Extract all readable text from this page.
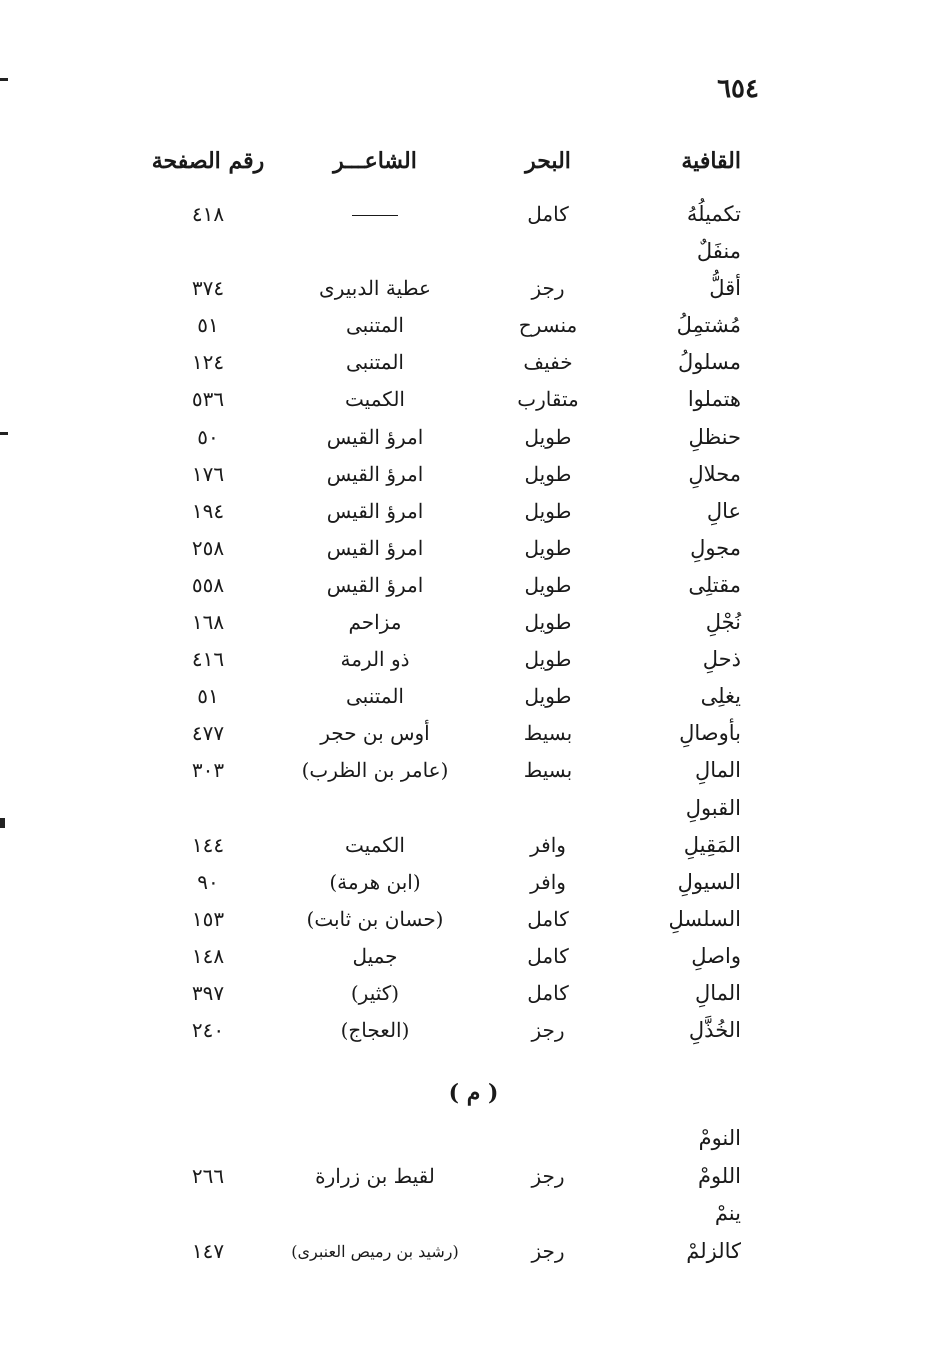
٦٥٤
القافية
البحر
الشاعـــر
رقم الصفحة
تكميلُهُ
كامل
٤١٨
منفَلٌ
أقلُّ
رجز
عطية الدبيرى
٣٧٤
مُشتمِلُ
منسرح
المتنبى
٥١
مسلولُ
خفيف
المتنبى
١٢٤
هتملوا
متقارب
الكميت
٥٣٦
حنظلِ
طويل
امرؤ القيس
٥٠
محلالِ
طويل
امرؤ القيس
١٧٦
عالِ
طويل
امرؤ القيس
١٩٤
مجولِ
طويل
امرؤ القيس
٢٥٨
مقتلِى
طويل
امرؤ القيس
٥٥٨
نُجْلِ
طويل
مزاحم
١٦٨
ذحلِ
طويل
ذو الرمة
٤١٦
يغلِى
طويل
المتنبى
٥١
بأوصالِ
بسيط
أوس بن حجر
٤٧٧
المالِ
بسيط
(عامر بن الظرب)
٣٠٣
القبولِ
المَقِيلِ
وافر
الكميت
١٤٤
السيولِ
وافر
(ابن هرمة)
٩٠
السلسلِ
كامل
(حسان بن ثابت)
١٥٣
واصلِ
كامل
جميل
١٤٨
المالِ
كامل
(كثير)
٣٩٧
الخُذَّلِ
رجز
(العجاج)
٢٤٠
( م )
النومْ
اللومْ
رجز
لقيط بن زرارة
٢٦٦
ينمْ
كالزلمْ
رجز
(رشيد بن رميص العنبرى)
١٤٧
